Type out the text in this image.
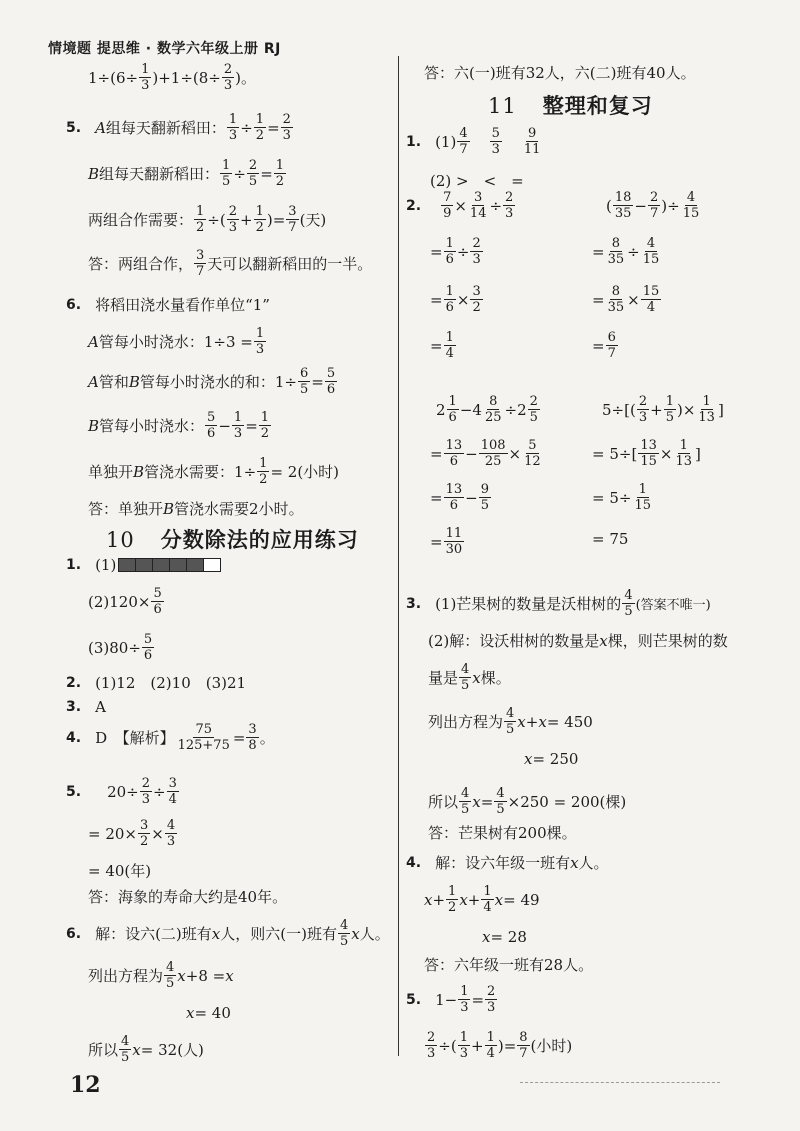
情境题 提思维 · 数学六年级上册 RJ
$1\div(6\div \frac{1}{3} )+1\div(8\div \frac{2}{3}$ )。
5. A 组每天翻新稻田： $\frac{1}{3} \div \frac{1}{2} = \frac{2}{3}$
B 组每天翻新稻田： $\frac{1}{5} \div \frac{2}{5} = \frac{1}{2}$
两组合作需要： $\frac{1}{2}$ ÷( $\frac{2}{3} + \frac{1}{2}$ )= $\frac{3}{7}$ (天)
答：两组合作， $\frac{3}{7}$ 天可以翻新稻田的一半。
6. 将稻田浇水量看作单位“1”
A 管每小时浇水：$1\div 3 = \frac{1}{3}$
A 管和 B 管每小时浇水的和：$1\div \frac{6}{5} = \frac{5}{6}$
B 管每小时浇水： $\frac{5}{6} - \frac{1}{3} = \frac{1}{2}$
单独开 B 管浇水需要：$1\div \frac{1}{2} = 2$(小时)
答：单独开 B 管浇水需要2小时。
10 分数除法的应用练习
1. (1)
$(2)120\times \frac{5}{6}$
$(3)80\div \frac{5}{6}$
2. (1)12　(2)10　(3)21
3. A
4. D　【解析】 $\frac{75}{125+75} = \frac{3}{8}$ 。
5. $20\div \frac{2}{3} \div \frac{3}{4}$
= $20\times \frac{3}{2} \times \frac{4}{3}$
= 40(年)
答：海象的寿命大约是40年。
6. 解：设六(二)班有 x 人，则六(一)班有 $\frac{4}{5}$ x 人。
列出方程为 $\frac{4}{5}$ x +8 = x
x = 40
所以 $\frac{4}{5}$ x = 32(人)
答：六(一)班有32人，六(二)班有40人。
11 整理和复习
1. $(1) \frac{4}{7} \frac{5}{3} \frac{9}{11}$
(2) >　<　=
2. $\frac{7}{9} \times \frac{3}{14} \div \frac{2}{3}$	( $\frac{18}{35} - \frac{2}{7}$ )÷ $\frac{4}{15}$
= $\frac{1}{6} \div \frac{2}{3}$	= $\frac{8}{35} \div \frac{4}{15}$
= $\frac{1}{6} \times \frac{3}{2}$	= $\frac{8}{35} \times \frac{15}{4}$
= $\frac{1}{4}$	= $\frac{6}{7}$
$2 \frac{1}{6} -4 \frac{8}{25} \div 2 \frac{2}{5}$	$5\div[( \frac{2}{3} + \frac{1}{5}$ )× $\frac{1}{13}$ ]
= $\frac{13}{6} - \frac{108}{25} \times \frac{5}{12}$	= $5\div[ \frac{13}{15} \times \frac{1}{13}$ ]
= $\frac{13}{6} - \frac{9}{5}$	= $5\div \frac{1}{15}$
= $\frac{11}{30}$	= 75
3. (1)芒果树的数量是沃柑树的 $\frac{4}{5}$ (答案不唯一)
(2)解：设沃柑树的数量是 x 棵，则芒果树的数
量是 $\frac{4}{5}$ x 棵。
列出方程为 $\frac{4}{5}$ x + x = 450
x = 250
所以 $\frac{4}{5}$ $x = \frac{4}{5} \times 250 = 200$(棵)
答：芒果树有200棵。
4. 解：设六年级一班有 x 人。
$x + \frac{1}{2}$ $x + \frac{1}{4}$ x = 49
x = 28
答：六年级一班有28人。
5. $1- \frac{1}{3} = \frac{2}{3}$
$\frac{2}{3}$ ÷( $\frac{1}{3} + \frac{1}{4}$ )= $\frac{8}{7}$ (小时)
12
